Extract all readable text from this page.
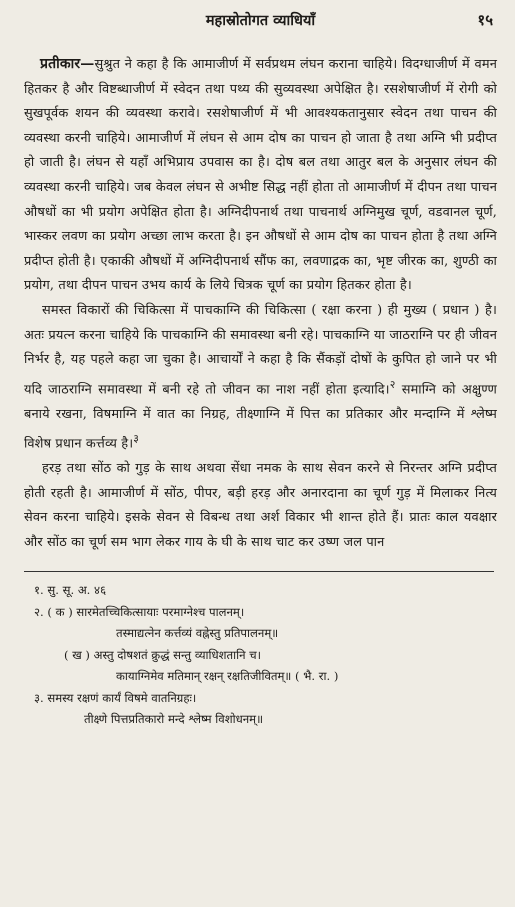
महास्रोतोगत व्याधियाँ	१५

प्रतीकार—सुश्रुत ने कहा है कि आमाजीर्ण में सर्वप्रथम लंघन कराना चाहिये। विदग्धाजीर्ण में वमन हितकर है और विष्टब्धाजीर्ण में स्वेदन तथा पथ्य की सुव्यवस्था अपेक्षित है। रसशेषाजीर्ण में रोगी को सुखपूर्वक शयन की व्यवस्था करावे। रसशेषाजीर्ण में भी आवश्यकतानुसार स्वेदन तथा पाचन की व्यवस्था करनी चाहिये। आमाजीर्ण में लंघन से आम दोष का पाचन हो जाता है तथा अग्नि भी प्रदीप्त हो जाती है। लंघन से यहाँ अभिप्राय उपवास का है। दोष बल तथा आतुर बल के अनुसार लंघन की व्यवस्था करनी चाहिये। जब केवल लंघन से अभीष्ट सिद्ध नहीं होता तो आमाजीर्ण में दीपन तथा पाचन औषधों का भी प्रयोग अपेक्षित होता है। अग्निदीपनार्थ तथा पाचनार्थ अग्निमुख चूर्ण, वडवानल चूर्ण, भास्कर लवण का प्रयोग अच्छा लाभ करता है। इन औषधों से आम दोष का पाचन होता है तथा अग्नि प्रदीप्त होती है। एकाकी औषधों में अग्निदीपनार्थ सौंफ का, लवणाद्रक का, भृष्ट जीरक का, शुण्ठी का प्रयोग, तथा दीपन पाचन उभय कार्य के लिये चित्रक चूर्ण का प्रयोग हितकर होता है।

समस्त विकारों की चिकित्सा में पाचकाग्नि की चिकित्सा ( रक्षा करना ) ही मुख्य ( प्रधान ) है। अतः प्रयत्न करना चाहिये कि पाचकाग्नि की समावस्था बनी रहे। पाचकाग्नि या जाठराग्नि पर ही जीवन निर्भर है, यह पहले कहा जा चुका है। आचार्यों ने कहा है कि सैंकड़ों दोषों के कुपित हो जाने पर भी यदि जाठराग्नि समावस्था में बनी रहे तो जीवन का नाश नहीं होता इत्यादि।$^२$ समाग्नि को अक्षुण्ण बनाये रखना, विषमाग्नि में वात का निग्रह, तीक्ष्णाग्नि में पित्त का प्रतिकार और मन्दाग्नि में श्लेष्म विशेष प्रधान कर्त्तव्य है।$^३$

हरड़ तथा सोंठ को गुड़ के साथ अथवा सेंधा नमक के साथ सेवन करने से निरन्तर अग्नि प्रदीप्त होती रहती है। आमाजीर्ण में सोंठ, पीपर, बड़ी हरड़ और अनारदाना का चूर्ण गुड़ में मिलाकर नित्य सेवन करना चाहिये। इसके सेवन से विबन्ध तथा अर्श विकार भी शान्त होते हैं। प्रातः काल यवक्षार और सोंठ का चूर्ण सम भाग लेकर गाय के घी के साथ चाट कर उष्ण जल पान

१. सु. सू. अ. ४६
२. ( क ) सारमेतच्चिकित्सायाः परमाग्नेश्च पालनम्।
तस्माद्यत्नेन कर्त्तव्यं वह्नेस्तु प्रतिपालनम्॥
( ख ) अस्तु दोषशतं क्रुद्धं सन्तु व्याधिशतानि च।
कायाग्निमेव मतिमान् रक्षन् रक्षतिजीवितम्॥ ( भै. रा. )
३. समस्य रक्षणं कार्यं विषमे वातनिग्रहः।
तीक्ष्णे पित्तप्रतिकारो मन्दे श्लेष्म विशोधनम्॥
